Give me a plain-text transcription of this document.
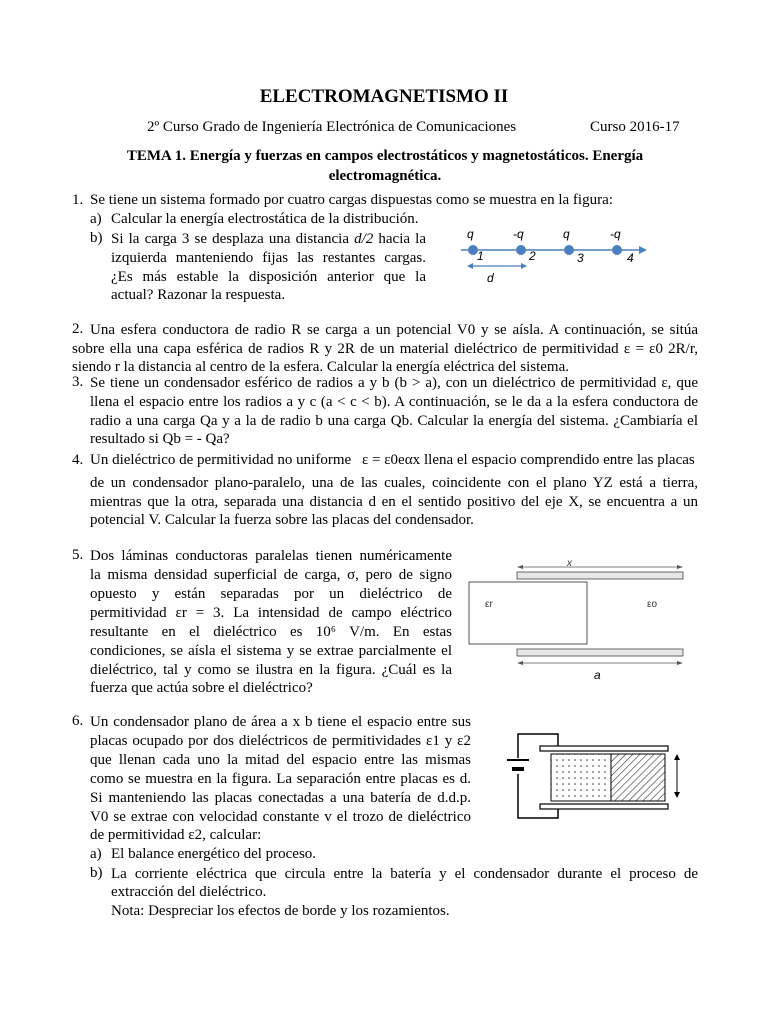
ELECTROMAGNETISMO II
2º Curso Grado de Ingeniería Electrónica de Comunicaciones	Curso 2016-17
TEMA 1. Energía y fuerzas en campos electrostáticos y magnetostáticos. Energía
electromagnética.
1. Se tiene un sistema formado por cuatro cargas dispuestas como se muestra en la figura:
a) Calcular la energía electrostática de la distribución.
b) Si la carga 3 se desplaza una distancia d/2 hacia la
izquierda manteniendo fijas las restantes cargas.
¿Es más estable la disposición anterior que la
actual? Razonar la respuesta.
q	-q	q	-q
1	2	3	4
d
2. Una esfera conductora de radio R se carga a un potencial V0 y se aísla. A continuación, se sitúa
sobre ella una capa esférica de radios R y 2R de un material dieléctrico de permitividad ε = ε0 2R/r,
siendo r la distancia al centro de la esfera. Calcular la energía eléctrica del sistema.
3. Se tiene un condensador esférico de radios a y b (b > a), con un dieléctrico de permitividad ε, que
llena el espacio entre los radios a y c (a < c < b). A continuación, se le da a la esfera conductora de
radio a una carga Qa y a la de radio b una carga Qb. Calcular la energía del sistema. ¿Cambiaría el
resultado si Qb = - Qa?
4. Un dieléctrico de permitividad no uniforme ε = ε0eαx llena el espacio comprendido entre las placas
de un condensador plano-paralelo, una de las cuales, coincidente con el plano YZ está a tierra,
mientras que la otra, separada una distancia d en el sentido positivo del eje X, se encuentra a un
potencial V. Calcular la fuerza sobre las placas del condensador.
5. Dos láminas conductoras paralelas tienen numéricamente
la misma densidad superficial de carga, σ, pero de signo
opuesto y están separadas por un dieléctrico de
permitividad εr = 3. La intensidad de campo eléctrico
resultante en el dieléctrico es 10⁶ V/m. En estas
condiciones, se aísla el sistema y se extrae parcialmente el
dieléctrico, tal y como se ilustra en la figura. ¿Cuál es la
fuerza que actúa sobre el dieléctrico?
x
εr	εo
a
6. Un condensador plano de área a x b tiene el espacio entre sus
placas ocupado por dos dieléctricos de permitividades ε1 y ε2
que llenan cada uno la mitad del espacio entre las mismas
como se muestra en la figura. La separación entre placas es d.
Si manteniendo las placas conectadas a una batería de d.d.p.
V0 se extrae con velocidad constante v el trozo de dieléctrico
de permitividad ε2, calcular:
a) El balance energético del proceso.
b) La corriente eléctrica que circula entre la batería y el condensador durante el proceso de
extracción del dieléctrico.
Nota: Despreciar los efectos de borde y los rozamientos.
